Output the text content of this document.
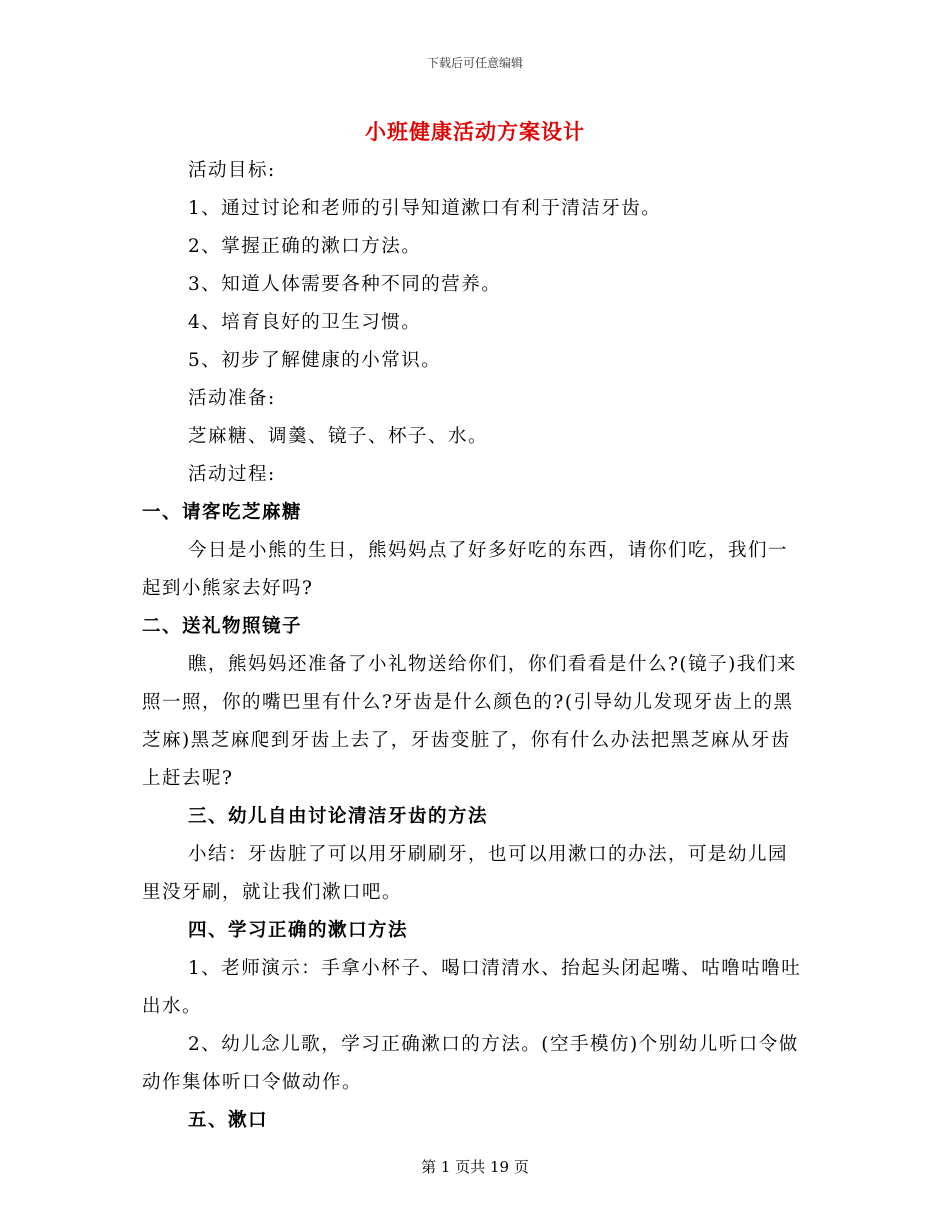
下载后可任意编辑
小班健康活动方案设计

活动目标:

1、通过讨论和老师的引导知道漱口有利于清洁牙齿。

2、掌握正确的漱口方法。

3、知道人体需要各种不同的营养。

4、培育良好的卫生习惯。

5、初步了解健康的小常识。

活动准备:

芝麻糖、调羹、镜子、杯子、水。

活动过程:

一、请客吃芝麻糖

今日是小熊的生日，熊妈妈点了好多好吃的东西，请你们吃，我们一起到小熊家去好吗?

二、送礼物照镜子

瞧，熊妈妈还准备了小礼物送给你们，你们看看是什么?(镜子)我们来照一照，你的嘴巴里有什么?牙齿是什么颜色的?(引导幼儿发现牙齿上的黑芝麻)黑芝麻爬到牙齿上去了，牙齿变脏了，你有什么办法把黑芝麻从牙齿上赶去呢?

三、幼儿自由讨论清洁牙齿的方法

小结：牙齿脏了可以用牙刷刷牙，也可以用漱口的办法，可是幼儿园里没牙刷，就让我们漱口吧。

四、学习正确的漱口方法

1、老师演示：手拿小杯子、喝口清清水、抬起头闭起嘴、咕噜咕噜吐出水。

2、幼儿念儿歌，学习正确漱口的方法。(空手模仿)个别幼儿听口令做动作集体听口令做动作。

五、漱口

第 1 页共 19 页
